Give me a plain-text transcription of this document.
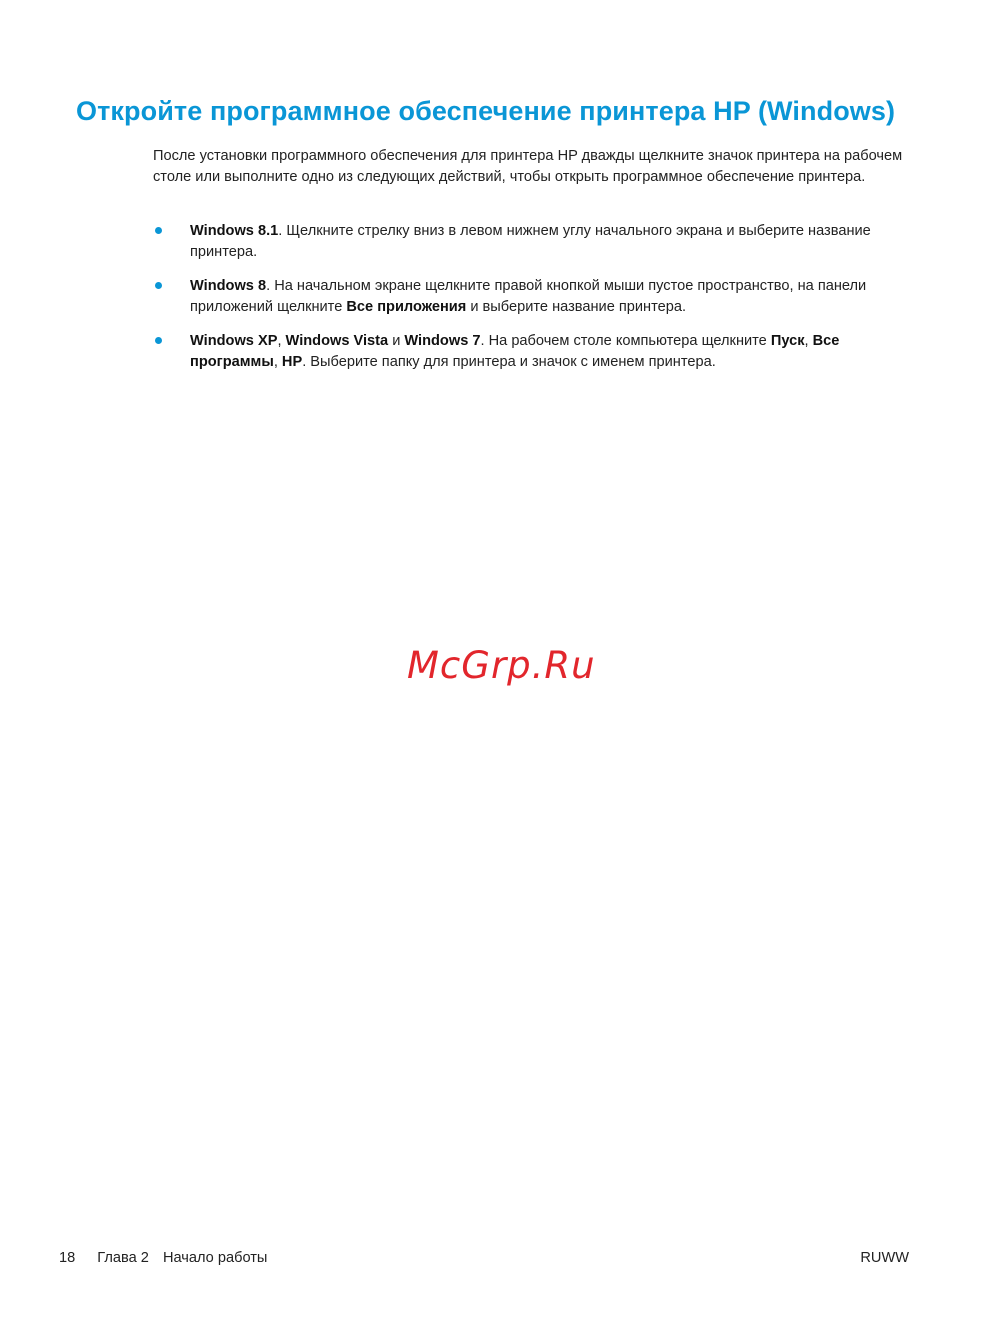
Откройте программное обеспечение принтера HP (Windows)

После установки программного обеспечения для принтера HP дважды щелкните значок принтера на рабочем столе или выполните одно из следующих действий, чтобы открыть программное обеспечение принтера.

Windows 8.1. Щелкните стрелку вниз в левом нижнем углу начального экрана и выберите название принтера.
Windows 8. На начальном экране щелкните правой кнопкой мыши пустое пространство, на панели приложений щелкните Все приложения и выберите название принтера.
Windows XP, Windows Vista и Windows 7. На рабочем столе компьютера щелкните Пуск, Все программы, HP. Выберите папку для принтера и значок с именем принтера.

McGrp.Ru

18 Глава 2 Начало работы	RUWW
